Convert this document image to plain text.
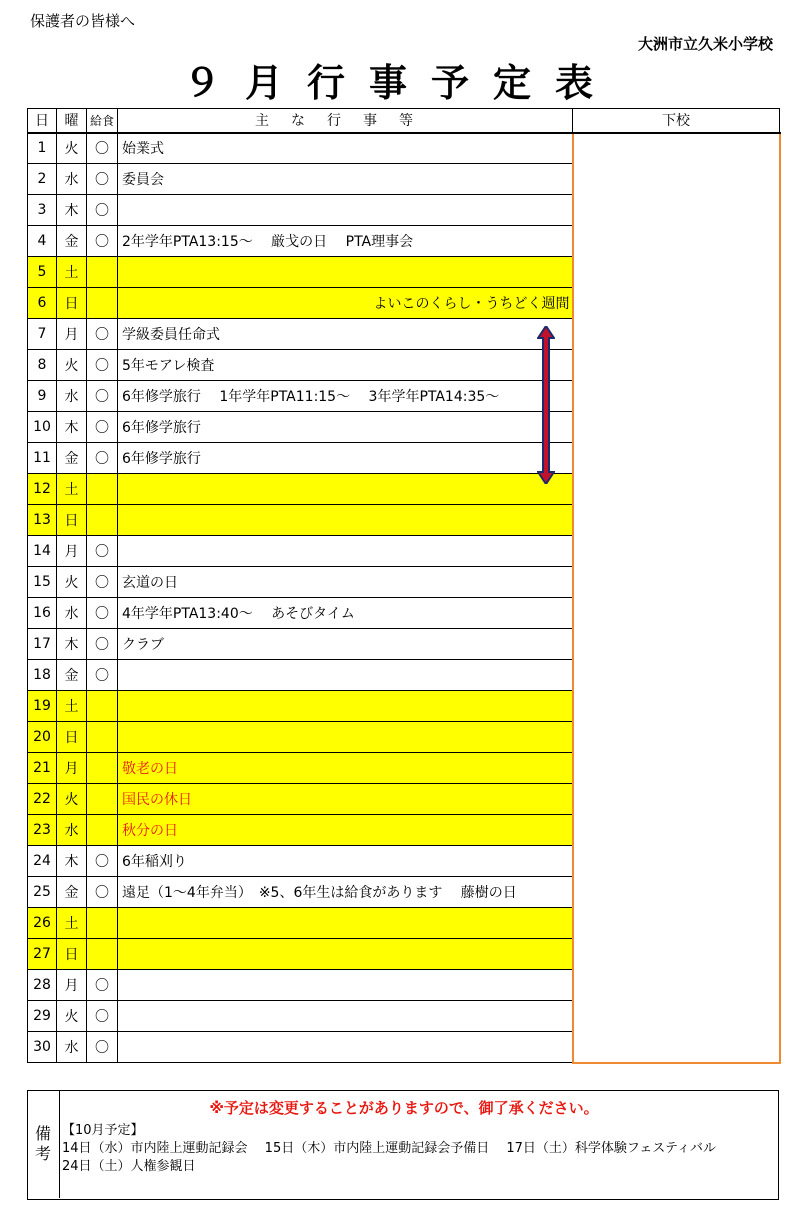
保護者の皆様へ
大洲市立久米小学校
９月行事予定表
日	曜	給食	主な行事等	下校
1	火	〇	始業式	
2	水	〇	委員会	
3	木	〇		
4	金	〇	2年学年PTA13:15～　 厳戈の日　 PTA理事会	
5	土			
6	日		よいこのくらし・うちどく週間	
7	月	〇	学級委員任命式	
8	火	〇	5年モアレ検査	
9	水	〇	6年修学旅行　 1年学年PTA11:15～　 3年学年PTA14:35～	
10	木	〇	6年修学旅行	
11	金	〇	6年修学旅行	
12	土			
13	日			
14	月	〇		
15	火	〇	玄道の日	
16	水	〇	4年学年PTA13:40～　 あそびタイム	
17	木	〇	クラブ	
18	金	〇		
19	土			
20	日			
21	月		敬老の日	
22	火		国民の休日	
23	水		秋分の日	
24	木	〇	6年稲刈り	
25	金	〇	遠足（1～4年弁当）　※5、6年生は給食があります　 藤樹の日	
26	土			
27	日			
28	月	〇		
29	火	〇		
30	水	〇		
備考
※予定は変更することがありますので、御了承ください。
【10月予定】
14日（水）市内陸上運動記録会　 15日（木）市内陸上運動記録会予備日　 17日（土）科学体験フェスティバル
24日（土）人権参観日
